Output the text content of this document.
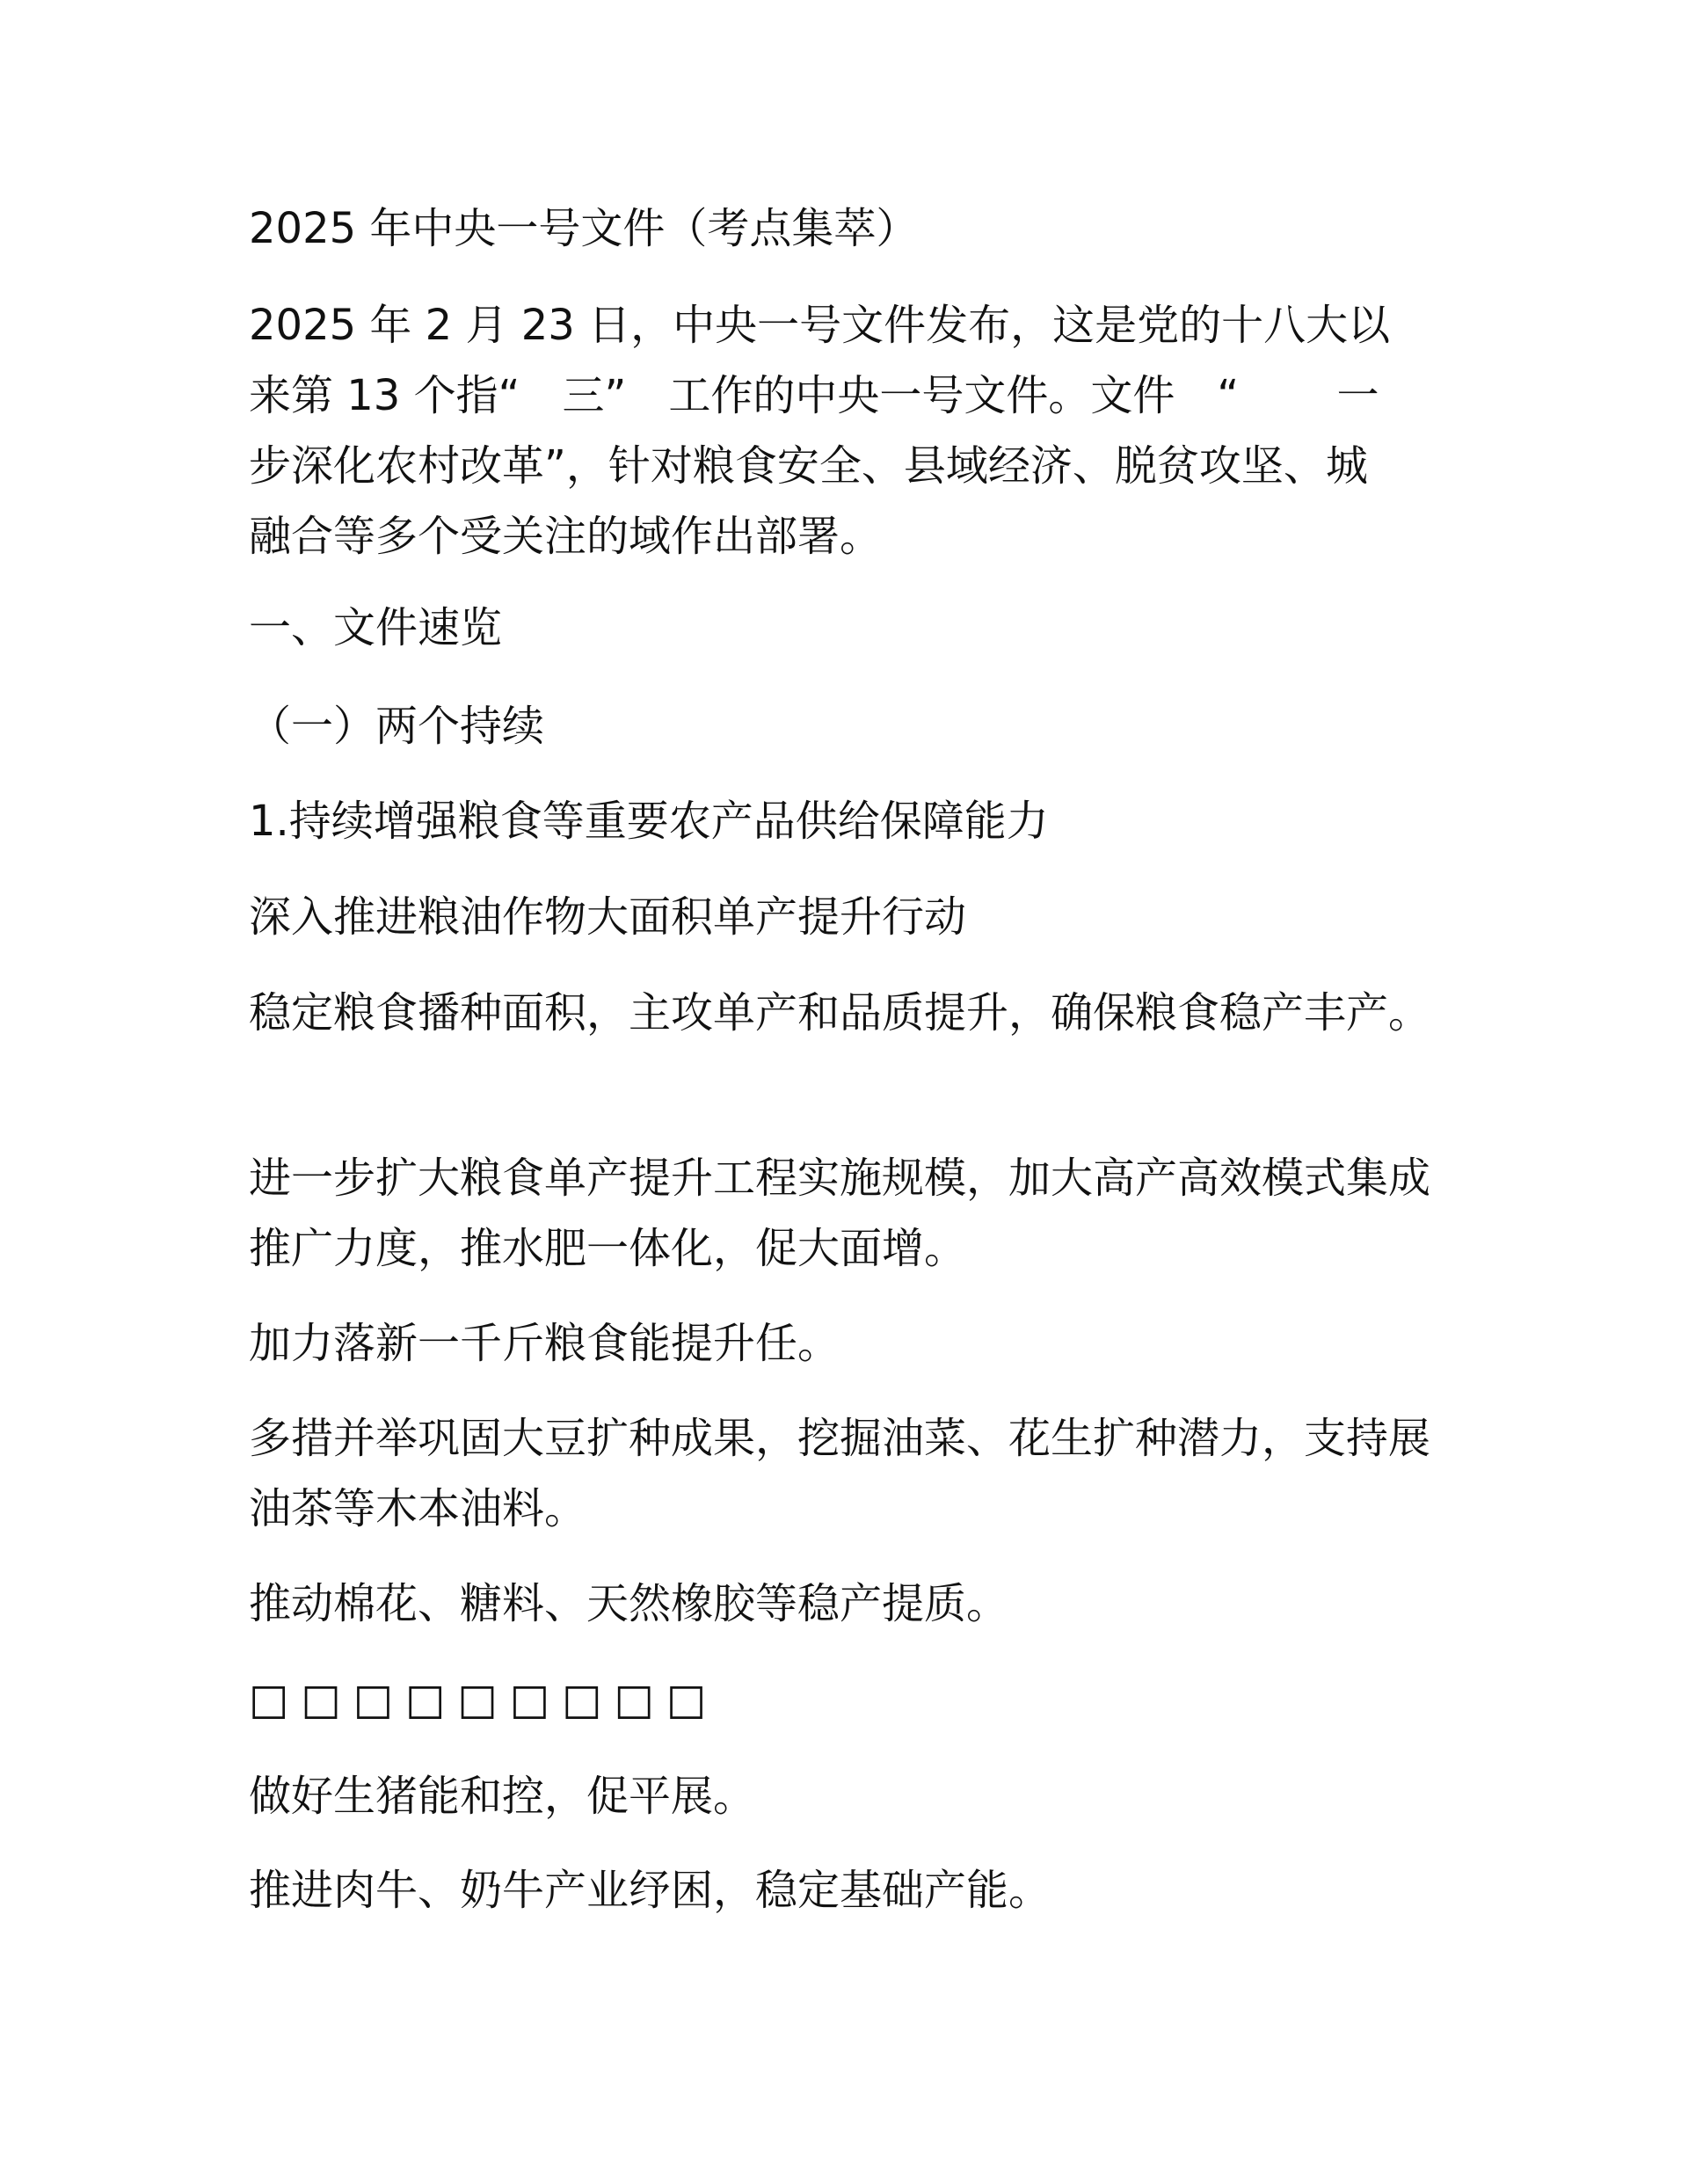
2025 年中央一号文件（考点集萃）

2025 年 2 月 23 日，中央一号文件发布，这是党的十八大以
来第 13 个指“　三”　工作的中央一号文件。文件　“　　 一
步深化农村改革”，针对粮食安全、县域经济、脱贫攻坚、城
融合等多个受关注的域作出部署。

一、文件速览

（一）两个持续

1.持续增强粮食等重要农产品供给保障能力

深入推进粮油作物大面积单产提升行动

稳定粮食播种面积，主攻单产和品质提升，确保粮食稳产丰产。

进一步扩大粮食单产提升工程实施规模，加大高产高效模式集成推广力度，推水肥一体化，促大面增。

加力落新一千斤粮食能提升任。

多措并举巩固大豆扩种成果，挖掘油菜、花生扩种潜力，支持展油茶等木本油料。

推动棉花、糖料、天然橡胶等稳产提质。

□□□□□□□□□

做好生猪能和控，促平展。

推进肉牛、奶牛产业纾困，稳定基础产能。
